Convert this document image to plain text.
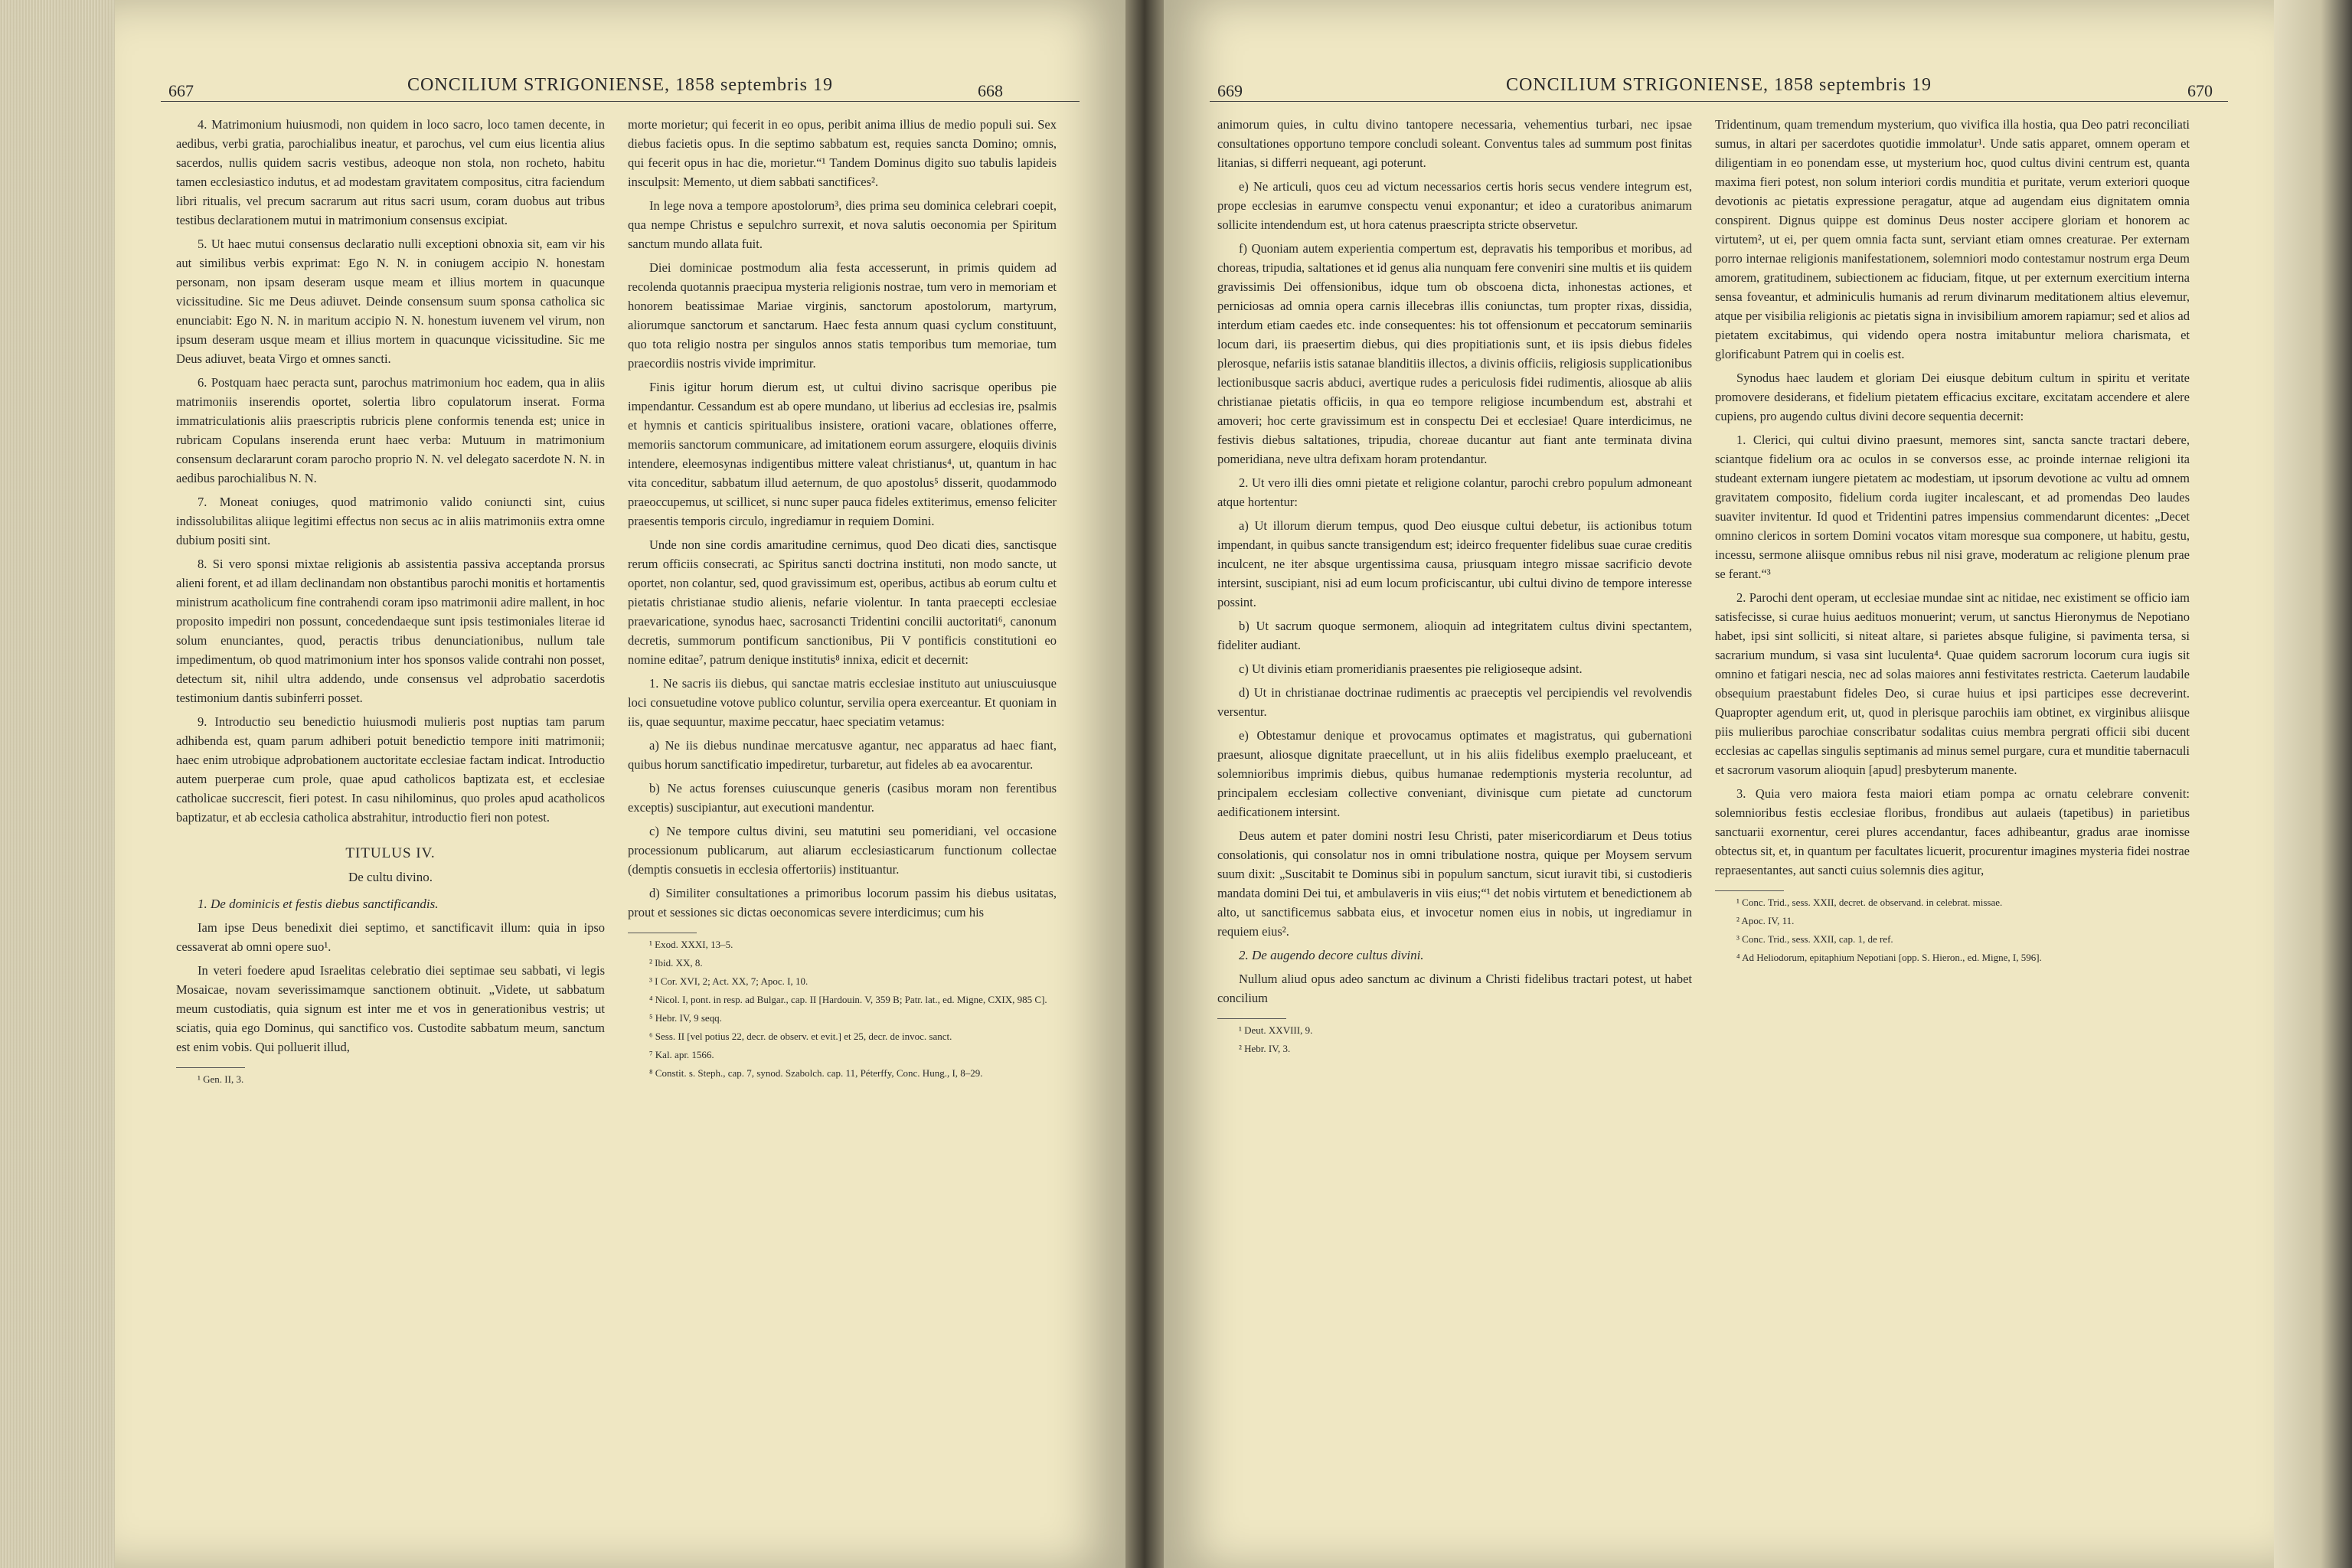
667	CONCILIUM STRIGONIENSE, 1858 septembris 19	668

4. Matrimonium huiusmodi, non quidem in loco sacro, loco tamen decente, in aedibus, verbi gratia, parochialibus ineatur, et parochus, vel cum eius licentia alius sacerdos, nullis quidem sacris vestibus, adeoque non stola, non rocheto, habitu tamen ecclesiastico indutus, et ad modestam gravitatem compositus, citra faciendum libri ritualis, vel precum sacrarum aut ritus sacri usum, coram duobus aut tribus testibus declarationem mutui in matrimonium consensus excipiat.

5. Ut haec mutui consensus declaratio nulli exceptioni obnoxia sit, eam vir his aut similibus verbis exprimat: Ego N. N. in coniugem accipio N. honestam personam, non ipsam deseram usque meam et illius mortem in quacunque vicissitudine. Sic me Deus adiuvet. Deinde consensum suum sponsa catholica sic enunciabit: Ego N. N. in maritum accipio N. N. honestum iuvenem vel virum, non ipsum deseram usque meam et illius mortem in quacunque vicissitudine. Sic me Deus adiuvet, beata Virgo et omnes sancti.

6. Postquam haec peracta sunt, parochus matrimonium hoc eadem, qua in aliis matrimoniis inserendis oportet, solertia libro copulatorum inserat. Forma immatriculationis aliis praescriptis rubricis plene conformis tenenda est; unice in rubricam Copulans inserenda erunt haec verba: Mutuum in matrimonium consensum declararunt coram parocho proprio N. N. vel delegato sacerdote N. N. in aedibus parochialibus N. N.

7. Moneat coniuges, quod matrimonio valido coniuncti sint, cuius indissolubilitas aliique legitimi effectus non secus ac in aliis matrimoniis extra omne dubium positi sint.

8. Si vero sponsi mixtae religionis ab assistentia passiva acceptanda prorsus alieni forent, et ad illam declinandam non obstantibus parochi monitis et hortamentis ministrum acatholicum fine contrahendi coram ipso matrimonii adire mallent, in hoc proposito impediri non possunt, concedendaeque sunt ipsis testimoniales literae id solum enunciantes, quod, peractis tribus denunciationibus, nullum tale impedimentum, ob quod matrimonium inter hos sponsos valide contrahi non posset, detectum sit, nihil ultra addendo, unde consensus vel adprobatio sacerdotis testimonium dantis subinferri posset.

9. Introductio seu benedictio huiusmodi mulieris post nuptias tam parum adhibenda est, quam parum adhiberi potuit benedictio tempore initi matrimonii; haec enim utrobique adprobationem auctoritate ecclesiae factam indicat. Introductio autem puerperae cum prole, quae apud catholicos baptizata est, et ecclesiae catholicae succrescit, fieri potest. In casu nihilominus, quo proles apud acatholicos baptizatur, et ab ecclesia catholica abstrahitur, introductio fieri non potest.

TITULUS IV.
De cultu divino.
1. De dominicis et festis diebus sanctificandis.

Iam ipse Deus benedixit diei septimo, et sanctificavit illum: quia in ipso cessaverat ab omni opere suo¹.

In veteri foedere apud Israelitas celebratio diei septimae seu sabbati, vi legis Mosaicae, novam severissimamque sanctionem obtinuit. „Videte, ut sabbatum meum custodiatis, quia signum est inter me et vos in generationibus vestris; ut sciatis, quia ego Dominus, qui sanctifico vos. Custodite sabbatum meum, sanctum est enim vobis. Qui polluerit illud,

¹ Gen. II, 3.

morte morietur; qui fecerit in eo opus, peribit anima illius de medio populi sui. Sex diebus facietis opus. In die septimo sabbatum est, requies sancta Domino; omnis, qui fecerit opus in hac die, morietur.“¹ Tandem Dominus digito suo tabulis lapideis insculpsit: Memento, ut diem sabbati sanctifices².

In lege nova a tempore apostolorum³, dies prima seu dominica celebrari coepit, qua nempe Christus e sepulchro surrexit, et nova salutis oeconomia per Spiritum sanctum mundo allata fuit.

Diei dominicae postmodum alia festa accesserunt, in primis quidem ad recolenda quotannis praecipua mysteria religionis nostrae, tum vero in memoriam et honorem beatissimae Mariae virginis, sanctorum apostolorum, martyrum, aliorumque sanctorum et sanctarum. Haec festa annum quasi cyclum constituunt, quo tota religio nostra per singulos annos statis temporibus tum memoriae, tum praecordiis nostris vivide imprimitur.

Finis igitur horum dierum est, ut cultui divino sacrisque operibus pie impendantur. Cessandum est ab opere mundano, ut liberius ad ecclesias ire, psalmis et hymnis et canticis spiritualibus insistere, orationi vacare, oblationes offerre, memoriis sanctorum communicare, ad imitationem eorum assurgere, eloquiis divinis intendere, eleemosynas indigentibus mittere valeat christianus⁴, ut, quantum in hac vita conceditur, sabbatum illud aeternum, de quo apostolus⁵ disserit, quodammodo praeoccupemus, ut scillicet, si nunc super pauca fideles extiterimus, emenso feliciter praesentis temporis circulo, ingrediamur in requiem Domini.

Unde non sine cordis amaritudine cernimus, quod Deo dicati dies, sanctisque rerum officiis consecrati, ac Spiritus sancti doctrina instituti, non modo sancte, ut oportet, non colantur, sed, quod gravissimum est, operibus, actibus ab eorum cultu et pietatis christianae studio alienis, nefarie violentur. In tanta praecepti ecclesiae praevaricatione, synodus haec, sacrosancti Tridentini concilii auctoritati⁶, canonum decretis, summorum pontificum sanctionibus, Pii V pontificis constitutioni eo nomine editae⁷, patrum denique institutis⁸ innixa, edicit et decernit:

1. Ne sacris iis diebus, qui sanctae matris ecclesiae instituto aut uniuscuiusque loci consuetudine votove publico coluntur, servilia opera exerceantur. Et quoniam in iis, quae sequuntur, maxime peccatur, haec speciatim vetamus:

a) Ne iis diebus nundinae mercatusve agantur, nec apparatus ad haec fiant, quibus horum sanctificatio impediretur, turbaretur, aut fideles ab ea avocarentur.

b) Ne actus forenses cuiuscunque generis (casibus moram non ferentibus exceptis) suscipiantur, aut executioni mandentur.

c) Ne tempore cultus divini, seu matutini seu pomeridiani, vel occasione processionum publicarum, aut aliarum ecclesiasticarum functionum collectae (demptis consuetis in ecclesia offertoriis) instituantur.

d) Similiter consultationes a primoribus locorum passim his diebus usitatas, prout et sessiones sic dictas oeconomicas severe interdicimus; cum his

¹ Exod. XXXI, 13–5.

² Ibid. XX, 8.

³ I Cor. XVI, 2; Act. XX, 7; Apoc. I, 10.

⁴ Nicol. I, pont. in resp. ad Bulgar., cap. II [Hardouin. V, 359 B; Patr. lat., ed. Migne, CXIX, 985 C].

⁵ Hebr. IV, 9 seqq.

⁶ Sess. II [vel potius 22, decr. de observ. et evit.] et 25, decr. de invoc. sanct.

⁷ Kal. apr. 1566.

⁸ Constit. s. Steph., cap. 7, synod. Szabolch. cap. 11, Péterffy, Conc. Hung., I, 8–29.

669	CONCILIUM STRIGONIENSE, 1858 septembris 19	670

animorum quies, in cultu divino tantopere necessaria, vehementius turbari, nec ipsae consultationes opportuno tempore concludi soleant. Conventus tales ad summum post finitas litanias, si differri nequeant, agi poterunt.

e) Ne articuli, quos ceu ad victum necessarios certis horis secus vendere integrum est, prope ecclesias in earumve conspectu venui exponantur; et ideo a curatoribus animarum sollicite intendendum est, ut hora catenus praescripta stricte observetur.

f) Quoniam autem experientia compertum est, depravatis his temporibus et moribus, ad choreas, tripudia, saltationes et id genus alia nunquam fere conveniri sine multis et iis quidem gravissimis Dei offensionibus, idque tum ob obscoena dicta, inhonestas actiones, et perniciosas ad omnia opera carnis illecebras illis coniunctas, tum propter rixas, dissidia, interdum etiam caedes etc. inde consequentes: his tot offensionum et peccatorum seminariis locum dari, iis praesertim diebus, qui dies propitiationis sunt, et iis ipsis diebus fideles plerosque, nefariis istis satanae blanditiis illectos, a divinis officiis, religiosis supplicationibus lectionibusque sacris abduci, avertique rudes a periculosis fidei rudimentis, aliosque ab aliis christianae pietatis officiis, in qua eo tempore religiose incumbendum est, abstrahi et amoveri; hoc certe gravissimum est in conspectu Dei et ecclesiae! Quare interdicimus, ne festivis diebus saltationes, tripudia, choreae ducantur aut fiant ante terminata divina pomeridiana, neve ultra defixam horam protendantur.

2. Ut vero illi dies omni pietate et religione colantur, parochi crebro populum admoneant atque hortentur:

a) Ut illorum dierum tempus, quod Deo eiusque cultui debetur, iis actionibus totum impendant, in quibus sancte transigendum est; ideirco frequenter fidelibus suae curae creditis inculcent, ne iter absque urgentissima causa, priusquam integro missae sacrificio devote intersint, suscipiant, nisi ad eum locum proficiscantur, ubi cultui divino de tempore interesse possint.

b) Ut sacrum quoque sermonem, alioquin ad integritatem cultus divini spectantem, fideliter audiant.

c) Ut divinis etiam promeridianis praesentes pie religioseque adsint.

d) Ut in christianae doctrinae rudimentis ac praeceptis vel percipiendis vel revolvendis versentur.

e) Obtestamur denique et provocamus optimates et magistratus, qui gubernationi praesunt, aliosque dignitate praecellunt, ut in his aliis fidelibus exemplo praeluceant, et solemnioribus imprimis diebus, quibus humanae redemptionis mysteria recoluntur, ad principalem ecclesiam collective conveniant, divinisque cum pietate ad cunctorum aedificationem intersint.

Deus autem et pater domini nostri Iesu Christi, pater misericordiarum et Deus totius consolationis, qui consolatur nos in omni tribulatione nostra, quique per Moysem servum suum dixit: „Suscitabit te Dominus sibi in populum sanctum, sicut iuravit tibi, si custodieris mandata domini Dei tui, et ambulaveris in viis eius;“¹ det nobis virtutem et benedictionem ab alto, ut sanctificemus sabbata eius, et invocetur nomen eius in nobis, ut ingrediamur in requiem eius².

2. De augendo decore cultus divini.

Nullum aliud opus adeo sanctum ac divinum a Christi fidelibus tractari potest, ut habet concilium

¹ Deut. XXVIII, 9.

² Hebr. IV, 3.

Tridentinum, quam tremendum mysterium, quo vivifica illa hostia, qua Deo patri reconciliati sumus, in altari per sacerdotes quotidie immolatur¹. Unde satis apparet, omnem operam et diligentiam in eo ponendam esse, ut mysterium hoc, quod cultus divini centrum est, quanta maxima fieri potest, non solum interiori cordis munditia et puritate, verum exteriori quoque devotionis ac pietatis expressione peragatur, atque ad augendam eius dignitatem omnia conspirent. Dignus quippe est dominus Deus noster accipere gloriam et honorem ac virtutem², ut ei, per quem omnia facta sunt, serviant etiam omnes creaturae. Per externam porro internae religionis manifestationem, solemniori modo contestamur nostrum erga Deum amorem, gratitudinem, subiectionem ac fiduciam, fitque, ut per externum exercitium interna sensa foveantur, et adminiculis humanis ad rerum divinarum meditationem altius elevemur, atque per visibilia religionis ac pietatis signa in invisibilium amorem rapiamur; sed et alios ad pietatem excitabimus, qui videndo opera nostra imitabuntur meliora charismata, et glorificabunt Patrem qui in coelis est.

Synodus haec laudem et gloriam Dei eiusque debitum cultum in spiritu et veritate promovere desiderans, et fidelium pietatem efficacius excitare, excitatam accendere et alere cupiens, pro augendo cultus divini decore sequentia decernit:

1. Clerici, qui cultui divino praesunt, memores sint, sancta sancte tractari debere, sciantque fidelium ora ac oculos in se conversos esse, ac proinde internae religioni ita studeant externam iungere pietatem ac modestiam, ut ipsorum devotione ac vultu ad omnem gravitatem composito, fidelium corda iugiter incalescant, et ad promendas Deo laudes suaviter invitentur. Id quod et Tridentini patres impensius commendarunt dicentes: „Decet omnino clericos in sortem Domini vocatos vitam moresque sua componere, ut habitu, gestu, incessu, sermone aliisque omnibus rebus nil nisi grave, moderatum ac religione plenum prae se ferant.“³

2. Parochi dent operam, ut ecclesiae mundae sint ac nitidae, nec existiment se officio iam satisfecisse, si curae huius aedituos monuerint; verum, ut sanctus Hieronymus de Nepotiano habet, ipsi sint solliciti, si niteat altare, si parietes absque fuligine, si pavimenta tersa, si sacrarium mundum, si vasa sint luculenta⁴. Quae quidem sacrorum locorum cura iugis sit omnino et fatigari nescia, nec ad solas maiores anni festivitates restricta. Caeterum laudabile obsequium praestabunt fideles Deo, si curae huius et ipsi participes esse decreverint. Quapropter agendum erit, ut, quod in plerisque parochiis iam obtinet, ex virginibus aliisque piis mulieribus parochiae conscribatur sodalitas cuius membra pergrati officii sibi ducent ecclesias ac capellas singulis septimanis ad minus semel purgare, cura et munditie tabernaculi et sacrorum vasorum alioquin [apud] presbyterum manente.

3. Quia vero maiora festa maiori etiam pompa ac ornatu celebrare convenit: solemnioribus festis ecclesiae floribus, frondibus aut aulaeis (tapetibus) in parietibus sanctuarii exornentur, cerei plures accendantur, faces adhibeantur, gradus arae inomisse obtectus sit, et, in quantum per facultates licuerit, procurentur imagines mysteria fidei nostrae repraesentantes, aut sancti cuius solemnis dies agitur,

¹ Conc. Trid., sess. XXII, decret. de observand. in celebrat. missae.

² Apoc. IV, 11.

³ Conc. Trid., sess. XXII, cap. 1, de ref.

⁴ Ad Heliodorum, epitaphium Nepotiani [opp. S. Hieron., ed. Migne, I, 596].
